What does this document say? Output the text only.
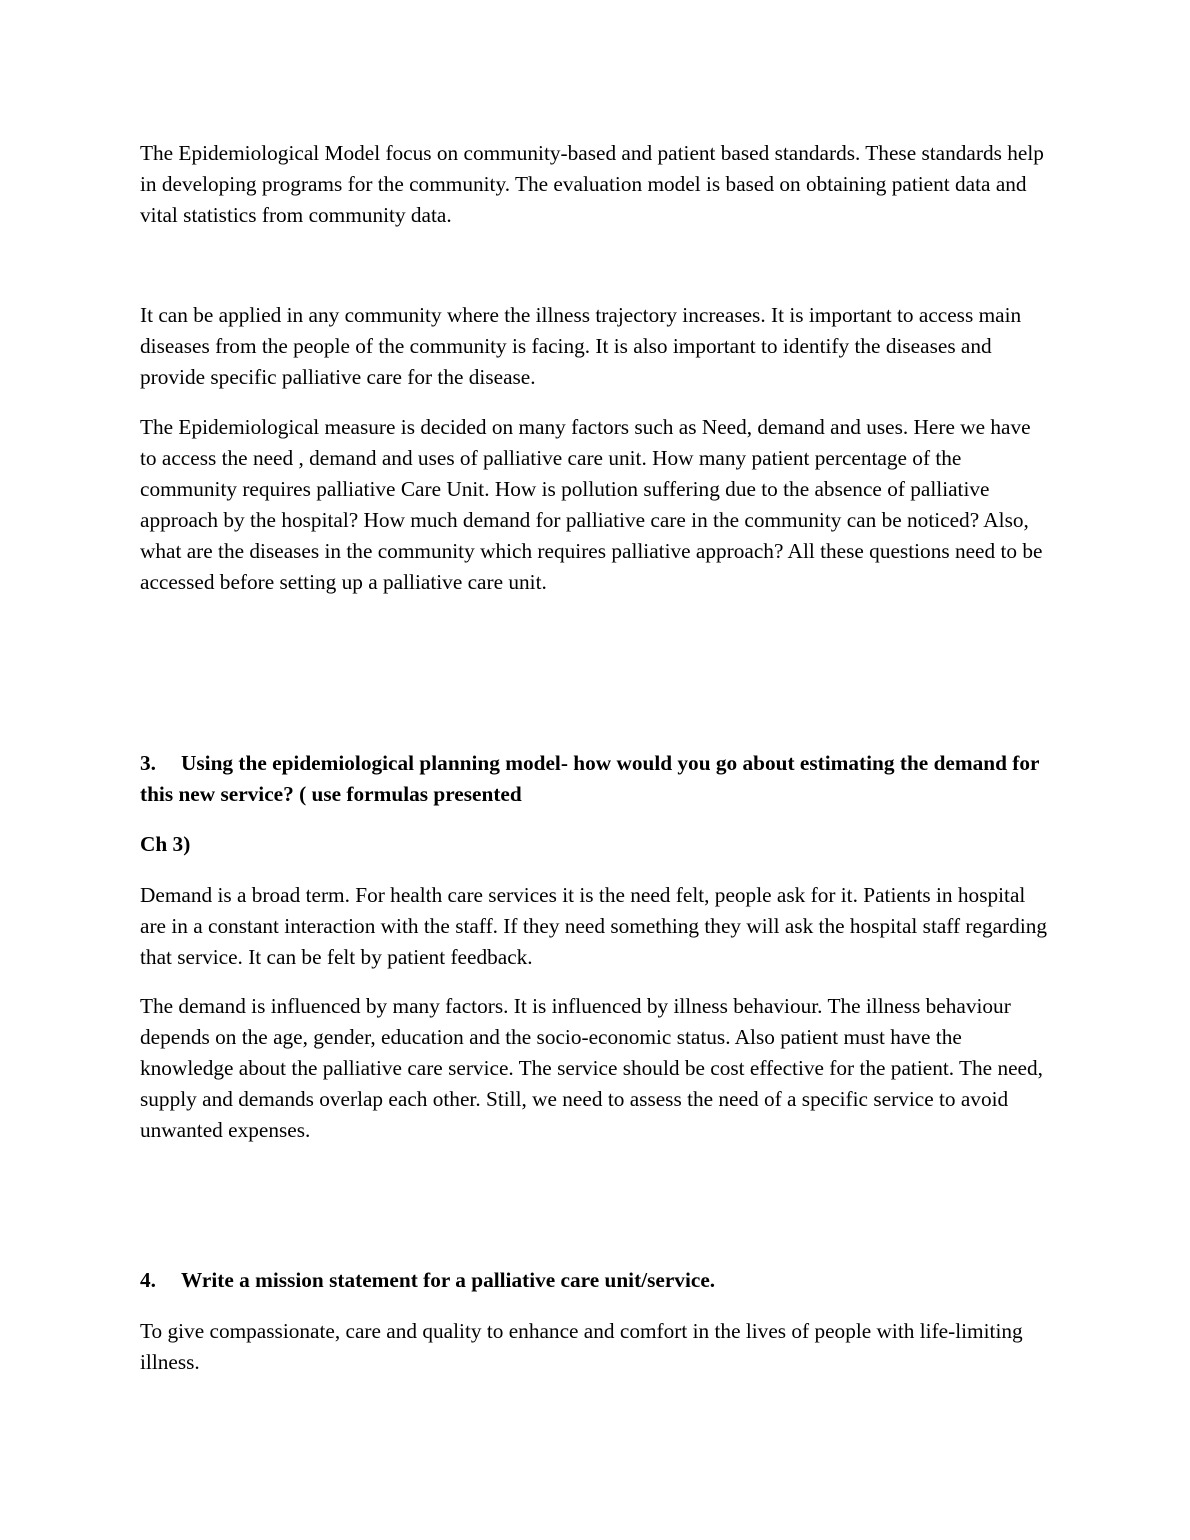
The Epidemiological Model focus on community-based and patient based standards. These standards help in developing programs for the community. The evaluation model is based on obtaining patient data and vital statistics from community data.

It can be applied in any community where the illness trajectory increases. It is important to access main diseases from the people of the community is facing. It is also important to identify the diseases and provide specific palliative care for the disease.

The Epidemiological measure is decided on many factors such as Need, demand and uses. Here we have to access the need , demand and uses of palliative care unit. How many patient percentage of the community requires palliative Care Unit. How is pollution suffering due to the absence of palliative approach by the hospital? How much demand for palliative care in the community can be noticed? Also, what are the diseases in the community which requires palliative approach? All these questions need to be accessed before setting up a palliative care unit.

3. Using the epidemiological planning model- how would you go about estimating the demand for this new service? ( use formulas presented

Ch 3)

Demand is a broad term. For health care services it is the need felt, people ask for it. Patients in hospital are in a constant interaction with the staff. If they need something they will ask the hospital staff regarding that service. It can be felt by patient feedback.

The demand is influenced by many factors. It is influenced by illness behaviour. The illness behaviour depends on the age, gender, education and the socio-economic status. Also patient must have the knowledge about the palliative care service. The service should be cost effective for the patient. The need, supply and demands overlap each other. Still, we need to assess the need of a specific service to avoid unwanted expenses.

4. Write a mission statement for a palliative care unit/service.

To give compassionate, care and quality to enhance and comfort in the lives of people with life-limiting illness.
